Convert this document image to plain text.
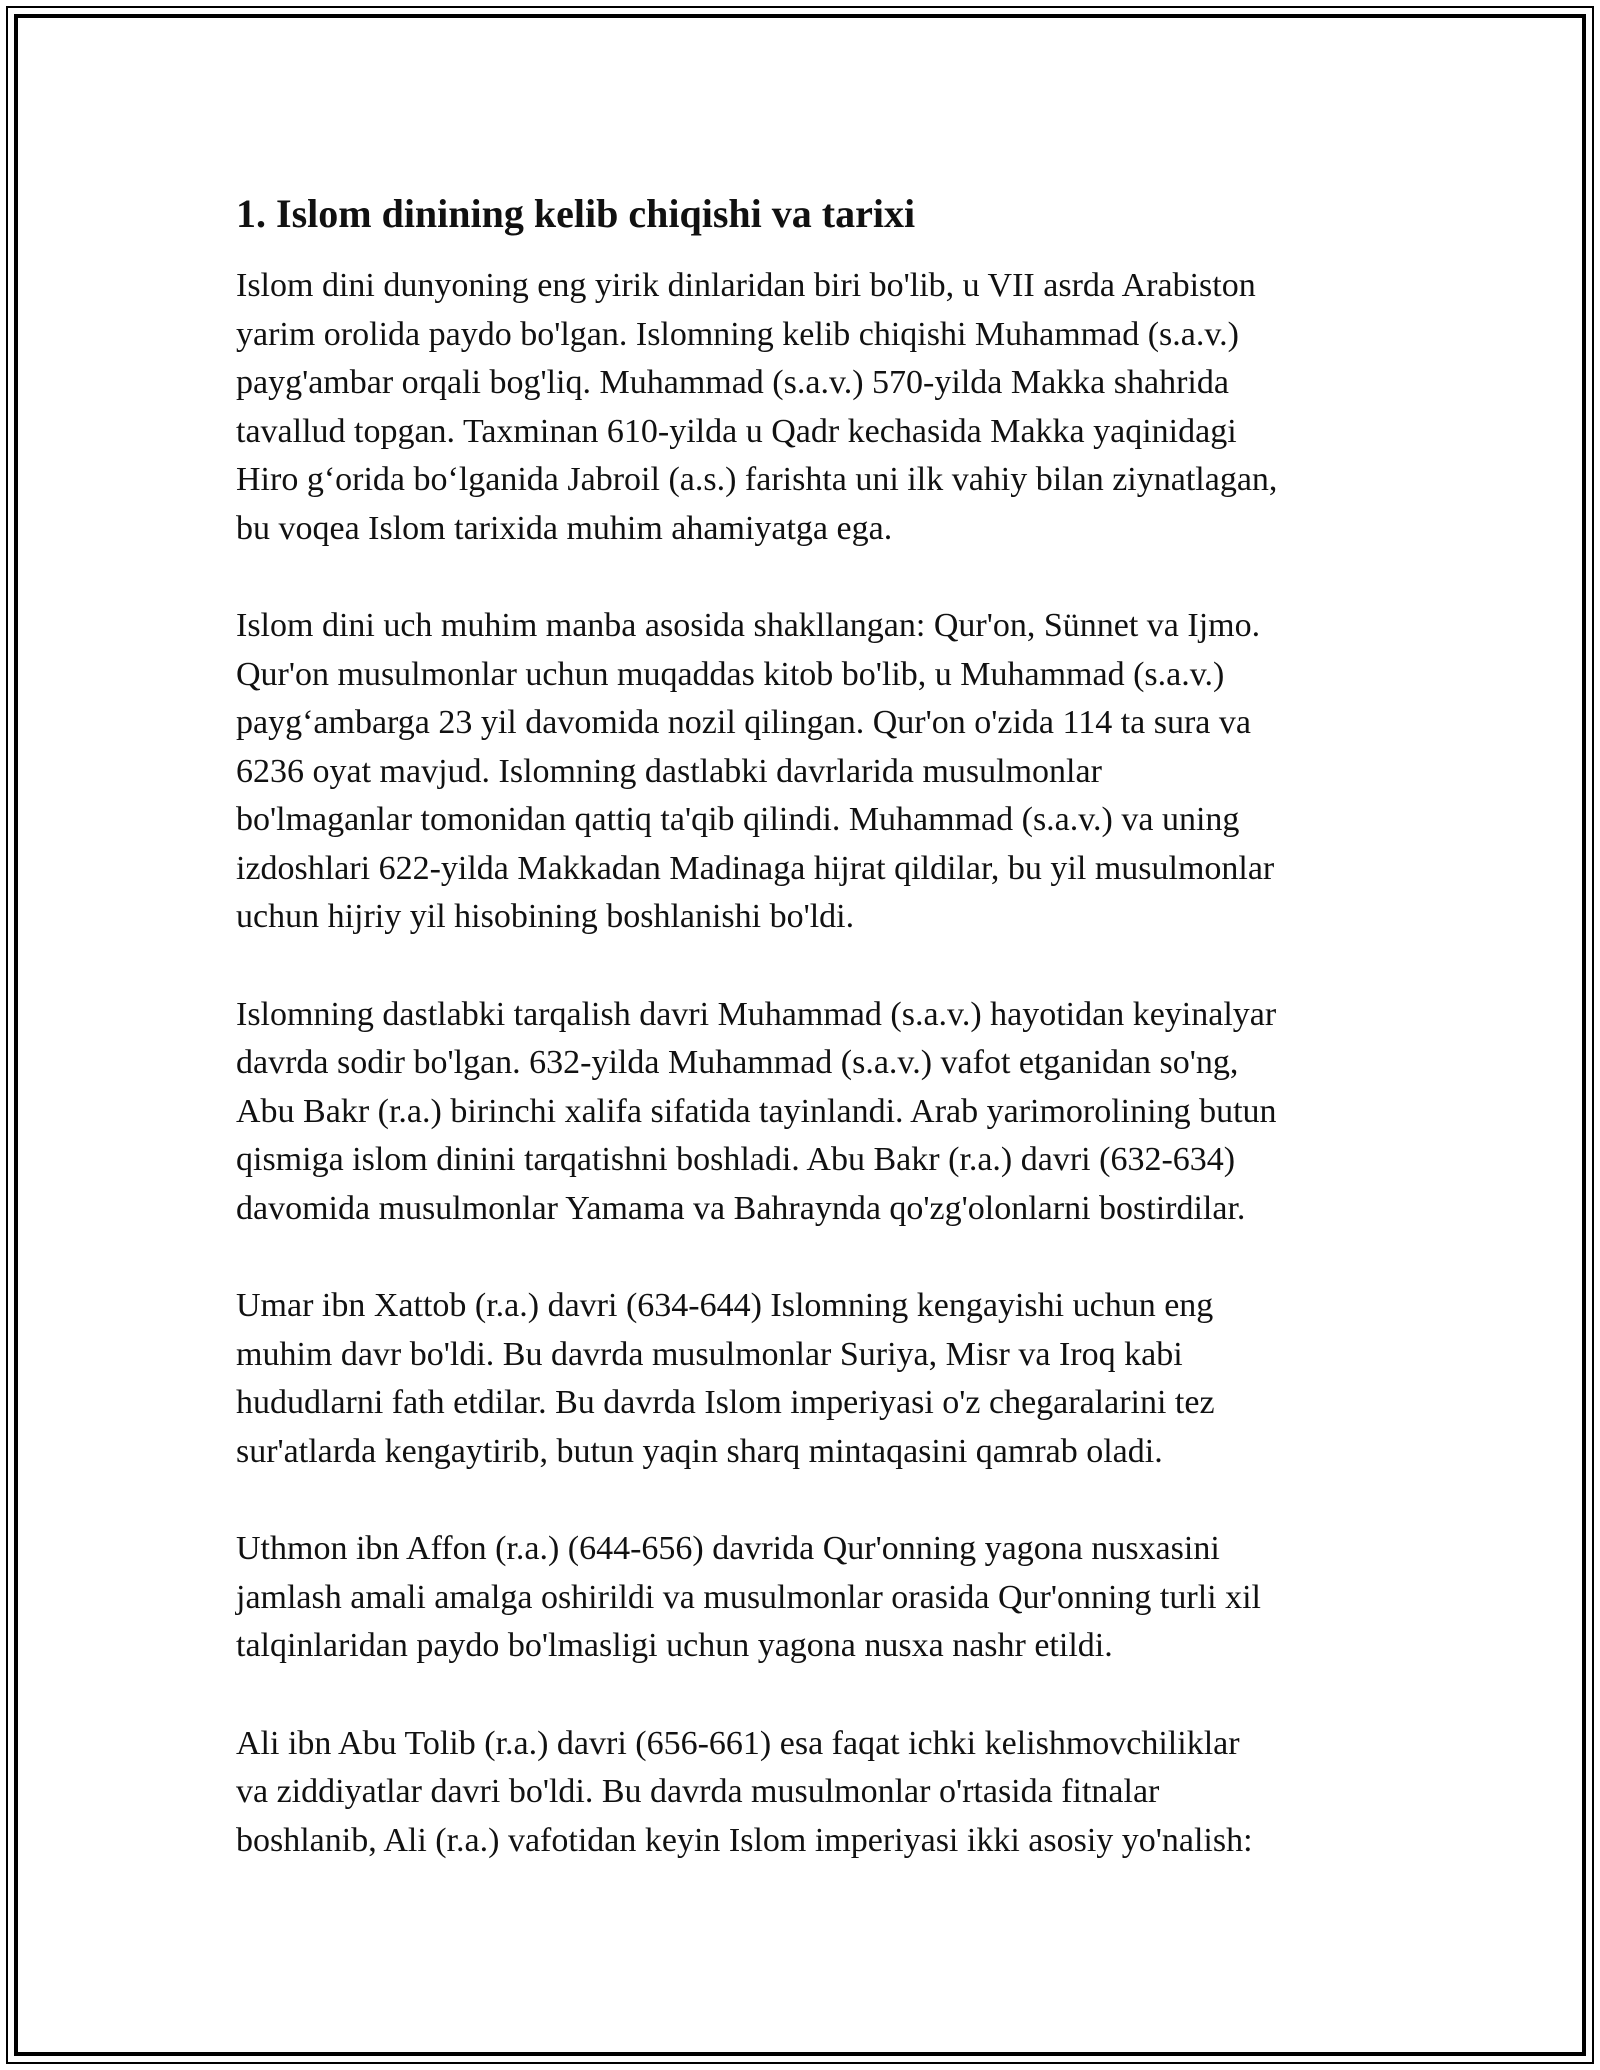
1. Islom dinining kelib chiqishi va tarixi

Islom dini dunyoning eng yirik dinlaridan biri bo'lib, u VII asrda Arabiston
yarim orolida paydo bo'lgan. Islomning kelib chiqishi Muhammad (s.a.v.)
payg'ambar orqali bog'liq. Muhammad (s.a.v.) 570-yilda Makka shahrida
tavallud topgan. Taxminan 610-yilda u Qadr kechasida Makka yaqinidagi
Hiro g‘orida bo‘lganida Jabroil (a.s.) farishta uni ilk vahiy bilan ziynatlagan,
bu voqea Islom tarixida muhim ahamiyatga ega.

Islom dini uch muhim manba asosida shakllangan: Qur'on, Sünnet va Ijmo.
Qur'on musulmonlar uchun muqaddas kitob bo'lib, u Muhammad (s.a.v.)
payg‘ambarga 23 yil davomida nozil qilingan. Qur'on o'zida 114 ta sura va
6236 oyat mavjud. Islomning dastlabki davrlarida musulmonlar
bo'lmaganlar tomonidan qattiq ta'qib qilindi. Muhammad (s.a.v.) va uning
izdoshlari 622-yilda Makkadan Madinaga hijrat qildilar, bu yil musulmonlar
uchun hijriy yil hisobining boshlanishi bo'ldi.

Islomning dastlabki tarqalish davri Muhammad (s.a.v.) hayotidan keyinalyar
davrda sodir bo'lgan. 632-yilda Muhammad (s.a.v.) vafot etganidan so'ng,
Abu Bakr (r.a.) birinchi xalifa sifatida tayinlandi. Arab yarimorolining butun
qismiga islom dinini tarqatishni boshladi. Abu Bakr (r.a.) davri (632-634)
davomida musulmonlar Yamama va Bahraynda qo'zg'olonlarni bostirdilar.

Umar ibn Xattob (r.a.) davri (634-644) Islomning kengayishi uchun eng
muhim davr bo'ldi. Bu davrda musulmonlar Suriya, Misr va Iroq kabi
hududlarni fath etdilar. Bu davrda Islom imperiyasi o'z chegaralarini tez
sur'atlarda kengaytirib, butun yaqin sharq mintaqasini qamrab oladi.

Uthmon ibn Affon (r.a.) (644-656) davrida Qur'onning yagona nusxasini
jamlash amali amalga oshirildi va musulmonlar orasida Qur'onning turli xil
talqinlaridan paydo bo'lmasligi uchun yagona nusxa nashr etildi.

Ali ibn Abu Tolib (r.a.) davri (656-661) esa faqat ichki kelishmovchiliklar
va ziddiyatlar davri bo'ldi. Bu davrda musulmonlar o'rtasida fitnalar
boshlanib, Ali (r.a.) vafotidan keyin Islom imperiyasi ikki asosiy yo'nalish:
